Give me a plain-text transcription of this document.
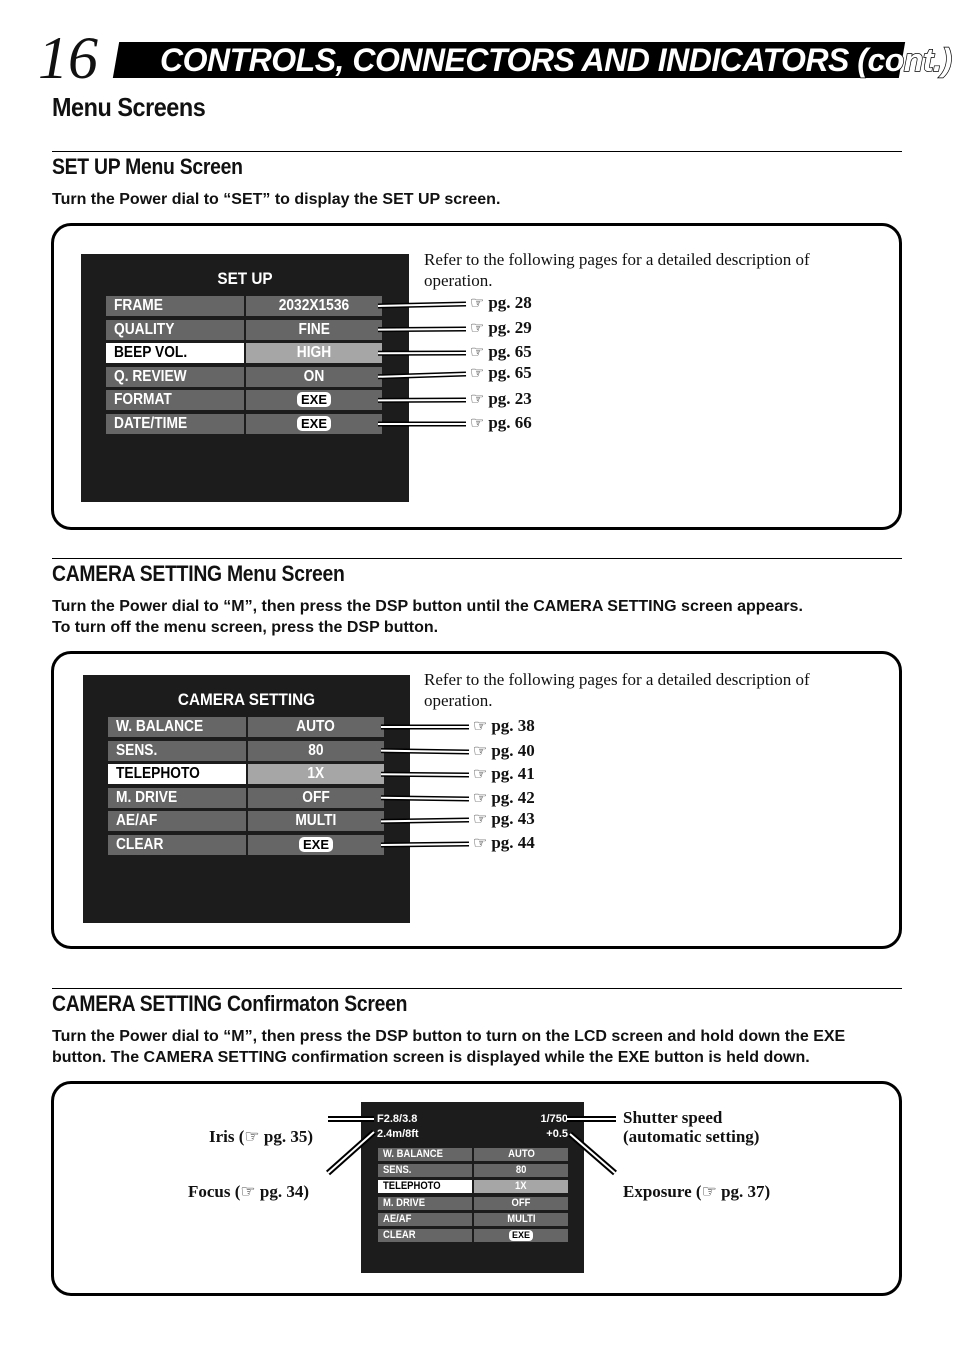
16 CONTROLS, CONNECTORS AND INDICATORS (cont.)
Menu Screens
SET UP Menu Screen
Turn the Power dial to “SET” to display the SET UP screen.
SET UP
FRAME	2032X1536
QUALITY	FINE
BEEP VOL.	HIGH
Q. REVIEW	ON
FORMAT	EXE
DATE/TIME	EXE
Refer to the following pages for a detailed description of
operation.
☞ pg. 28
☞ pg. 29
☞ pg. 65
☞ pg. 65
☞ pg. 23
☞ pg. 66
CAMERA SETTING Menu Screen
Turn the Power dial to “M”, then press the DSP button until the CAMERA SETTING screen appears.
To turn off the menu screen, press the DSP button.
CAMERA SETTING
W. BALANCE	AUTO
SENS.	80
TELEPHOTO	1X
M. DRIVE	OFF
AE/AF	MULTI
CLEAR	EXE
Refer to the following pages for a detailed description of
operation.
☞ pg. 38
☞ pg. 40
☞ pg. 41
☞ pg. 42
☞ pg. 43
☞ pg. 44
CAMERA SETTING Confirmaton Screen
Turn the Power dial to “M”, then press the DSP button to turn on the LCD screen and hold down the EXE
button. The CAMERA SETTING confirmation screen is displayed while the EXE button is held down.
F2.8/3.8
2.4m/8ft
1/750
+0.5
W. BALANCE	AUTO
SENS.	80
TELEPHOTO	1X
M. DRIVE	OFF
AE/AF	MULTI
CLEAR	EXE

Iris (☞ pg. 35)

Focus (☞ pg. 34)

Shutter speed
(automatic setting)

Exposure (☞ pg. 37)
